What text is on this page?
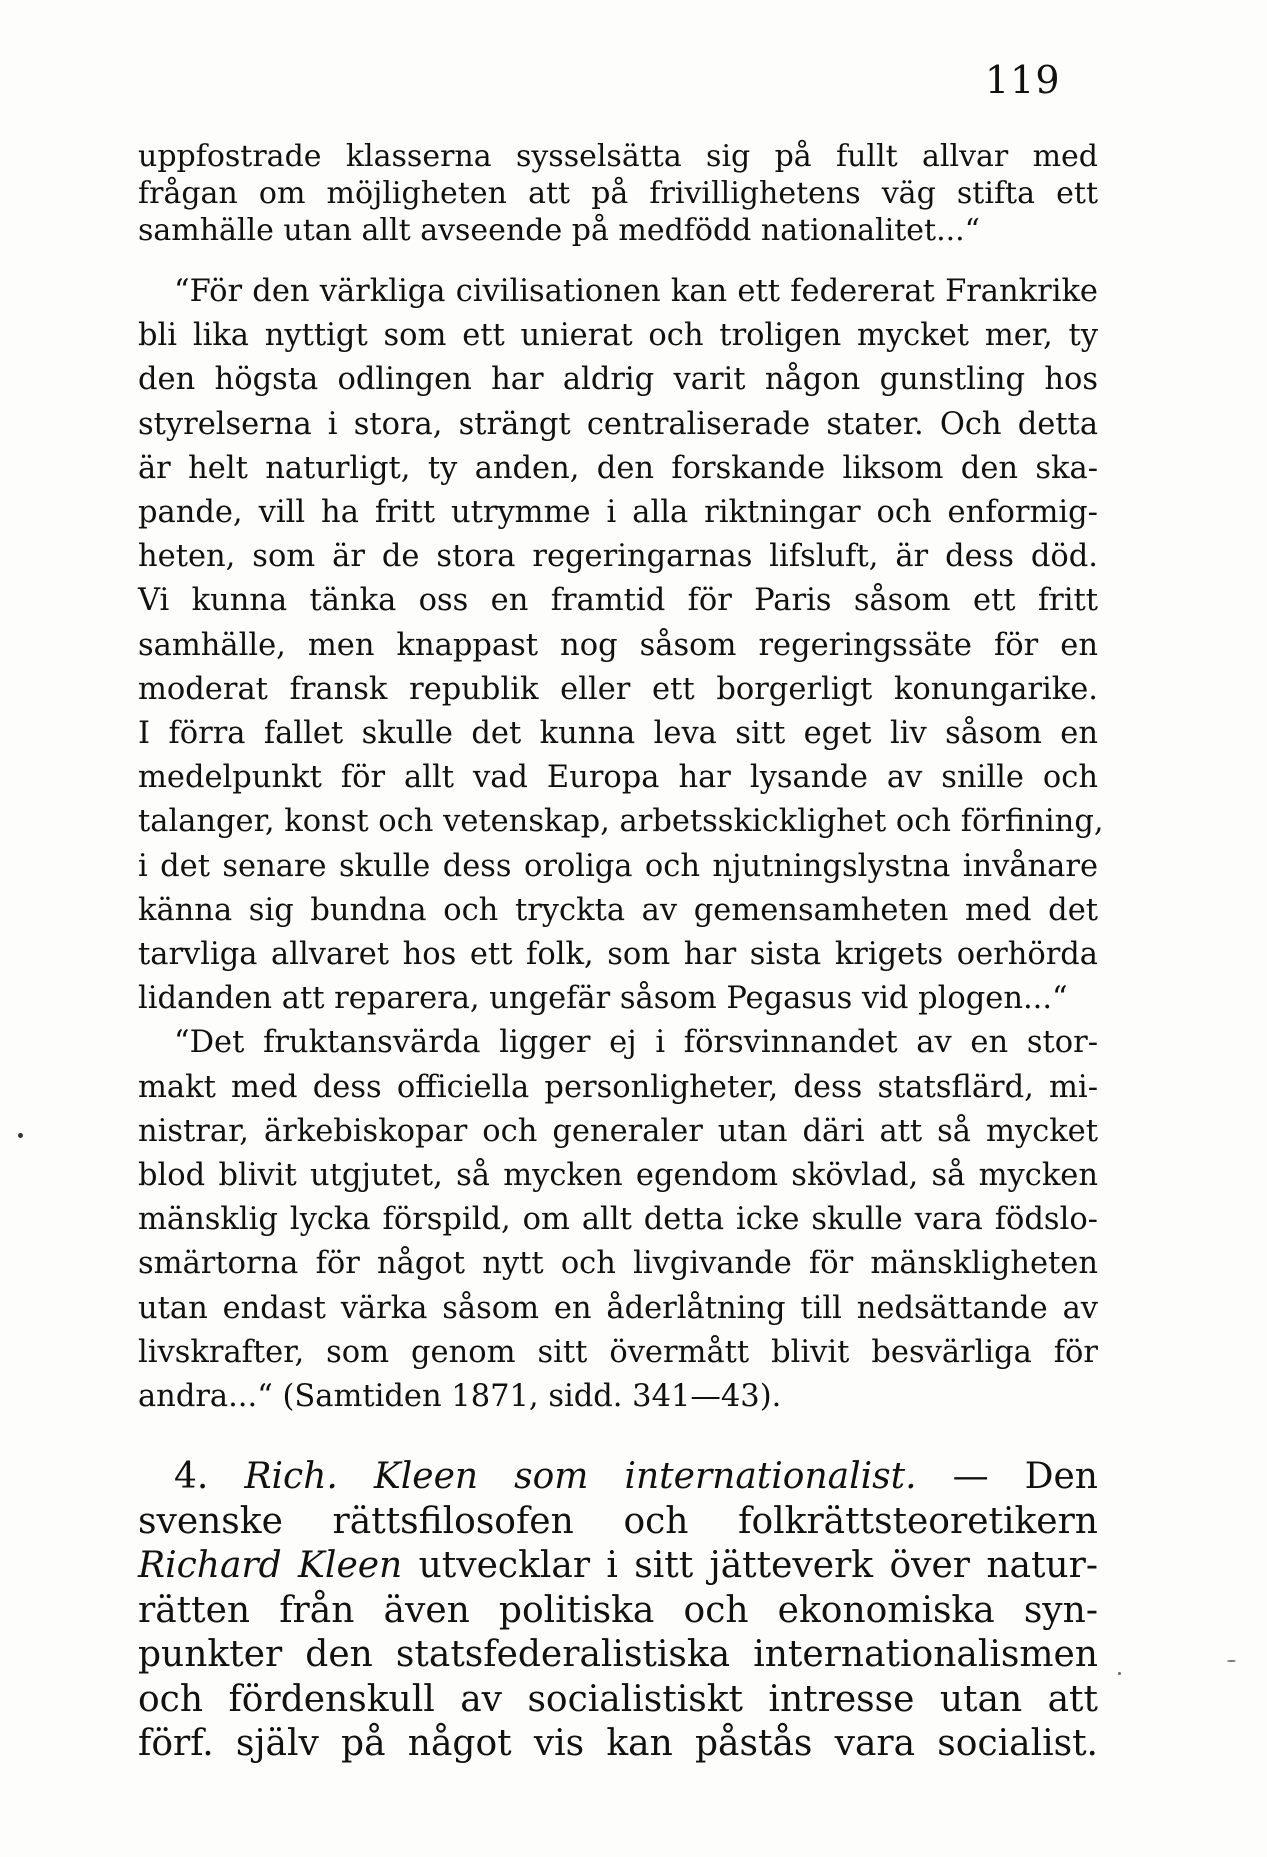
119
uppfostrade klasserna sysselsätta sig på fullt allvar med
frågan om möjligheten att på frivillighetens väg stifta ett
samhälle utan allt avseende på medfödd nationalitet...“
“För den värkliga civilisationen kan ett federerat Frankrike
bli lika nyttigt som ett unierat och troligen mycket mer, ty
den högsta odlingen har aldrig varit någon gunstling hos
styrelserna i stora, strängt centraliserade stater. Och detta
är helt naturligt, ty anden, den forskande liksom den ska-
pande, vill ha fritt utrymme i alla riktningar och enformig-
heten, som är de stora regeringarnas lifsluft, är dess död.
Vi kunna tänka oss en framtid för Paris såsom ett fritt
samhälle, men knappast nog såsom regeringssäte för en
moderat fransk republik eller ett borgerligt konungarike.
I förra fallet skulle det kunna leva sitt eget liv såsom en
medelpunkt för allt vad Europa har lysande av snille och
talanger, konst och vetenskap, arbetsskicklighet och förfining,
i det senare skulle dess oroliga och njutningslystna invånare
känna sig bundna och tryckta av gemensamheten med det
tarvliga allvaret hos ett folk, som har sista krigets oerhörda
lidanden att reparera, ungefär såsom Pegasus vid plogen...“
“Det fruktansvärda ligger ej i försvinnandet av en stor-
makt med dess officiella personligheter, dess statsflärd, mi-
nistrar, ärkebiskopar och generaler utan däri att så mycket
blod blivit utgjutet, så mycken egendom skövlad, så mycken
mänsklig lycka förspild, om allt detta icke skulle vara födslo-
smärtorna för något nytt och livgivande för mänskligheten
utan endast värka såsom en åderlåtning till nedsättande av
livskrafter, som genom sitt övermått blivit besvärliga för
andra...“ (Samtiden 1871, sidd. 341—43).
4. Rich. Kleen som internationalist. — Den
svenske rättsfilosofen och folkrättsteoretikern
Richard Kleen utvecklar i sitt jätteverk över natur-
rätten från även politiska och ekonomiska syn-
punkter den statsfederalistiska internationalismen
och fördenskull av socialistiskt intresse utan att
förf. själv på något vis kan påstås vara socialist.
